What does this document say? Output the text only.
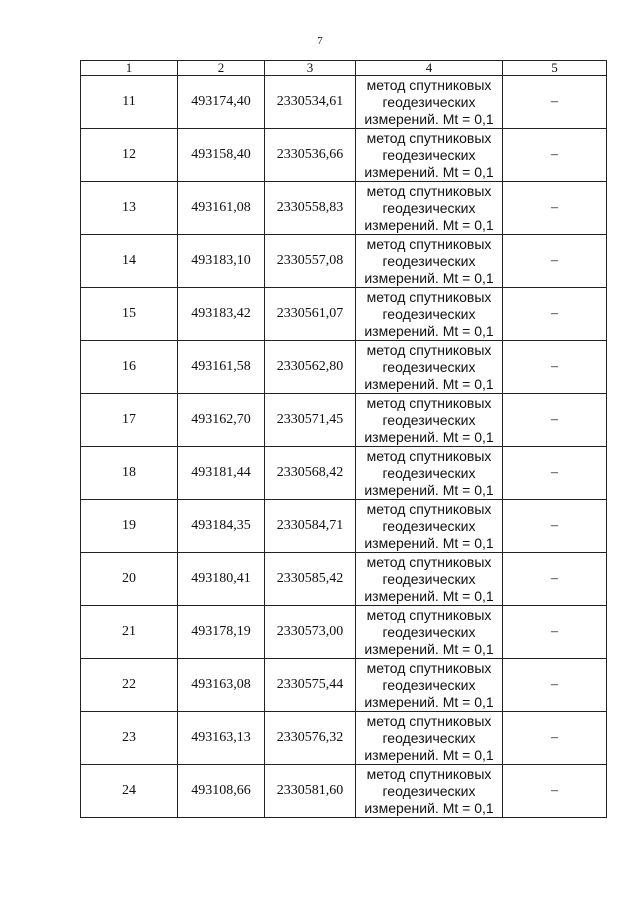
7
1	2	3	4	5
11	493174,40	2330534,61	метод спутниковых
геодезических
измерений. Mt = 0,1	–
12	493158,40	2330536,66	метод спутниковых
геодезических
измерений. Mt = 0,1	–
13	493161,08	2330558,83	метод спутниковых
геодезических
измерений. Mt = 0,1	–
14	493183,10	2330557,08	метод спутниковых
геодезических
измерений. Mt = 0,1	–
15	493183,42	2330561,07	метод спутниковых
геодезических
измерений. Mt = 0,1	–
16	493161,58	2330562,80	метод спутниковых
геодезических
измерений. Mt = 0,1	–
17	493162,70	2330571,45	метод спутниковых
геодезических
измерений. Mt = 0,1	–
18	493181,44	2330568,42	метод спутниковых
геодезических
измерений. Mt = 0,1	–
19	493184,35	2330584,71	метод спутниковых
геодезических
измерений. Mt = 0,1	–
20	493180,41	2330585,42	метод спутниковых
геодезических
измерений. Mt = 0,1	–
21	493178,19	2330573,00	метод спутниковых
геодезических
измерений. Mt = 0,1	–
22	493163,08	2330575,44	метод спутниковых
геодезических
измерений. Mt = 0,1	–
23	493163,13	2330576,32	метод спутниковых
геодезических
измерений. Mt = 0,1	–
24	493108,66	2330581,60	метод спутниковых
геодезических
измерений. Mt = 0,1	–
